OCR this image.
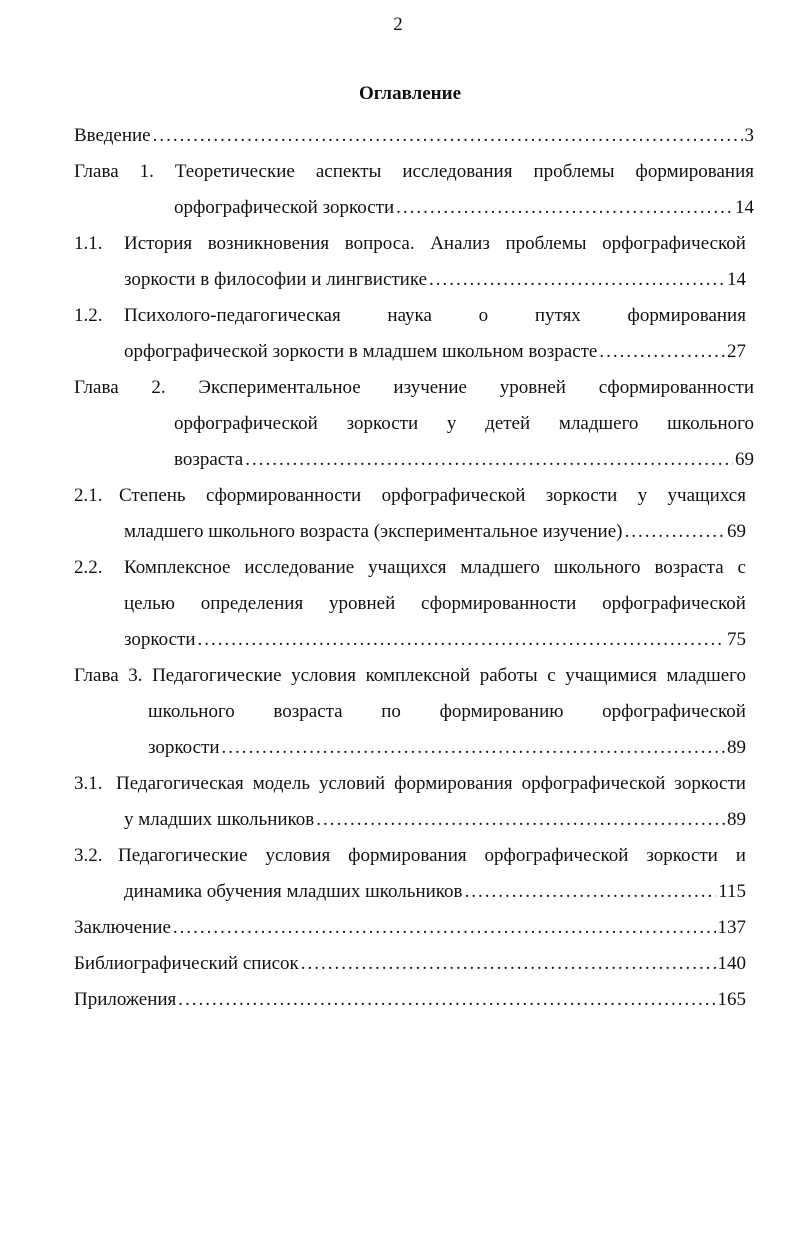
2
Оглавление
Введение .....	3
Глава 1. Теоретические аспекты исследования проблемы формирования
орфографической зоркости .....	14
1.1.	История возникновения вопроса. Анализ проблемы орфографической
зоркости в философии и лингвистике .....	14
1.2.	Психолого-педагогическая наука о путях формирования
орфографической зоркости в младшем школьном возрасте .....	27
Глава 2. Экспериментальное изучение уровней сформированности
орфографической зоркости у детей младшего школьного
возраста .....	69
2.1. Степень сформированности орфографической зоркости у учащихся
младшего школьного возраста (экспериментальное изучение) .....	69
2.2.	Комплексное исследование учащихся младшего школьного возраста с
целью определения уровней сформированности орфографической
зоркости .....	75
Глава 3. Педагогические условия комплексной работы с учащимися младшего
школьного возраста по формированию орфографической
зоркости .....	89
3.1. Педагогическая модель условий формирования орфографической зоркости
у младших школьников .....	89
3.2. Педагогические условия формирования орфографической зоркости и
динамика обучения младших школьников .....	115
Заключение .....	137
Библиографический список .....	140
Приложения .....	165
